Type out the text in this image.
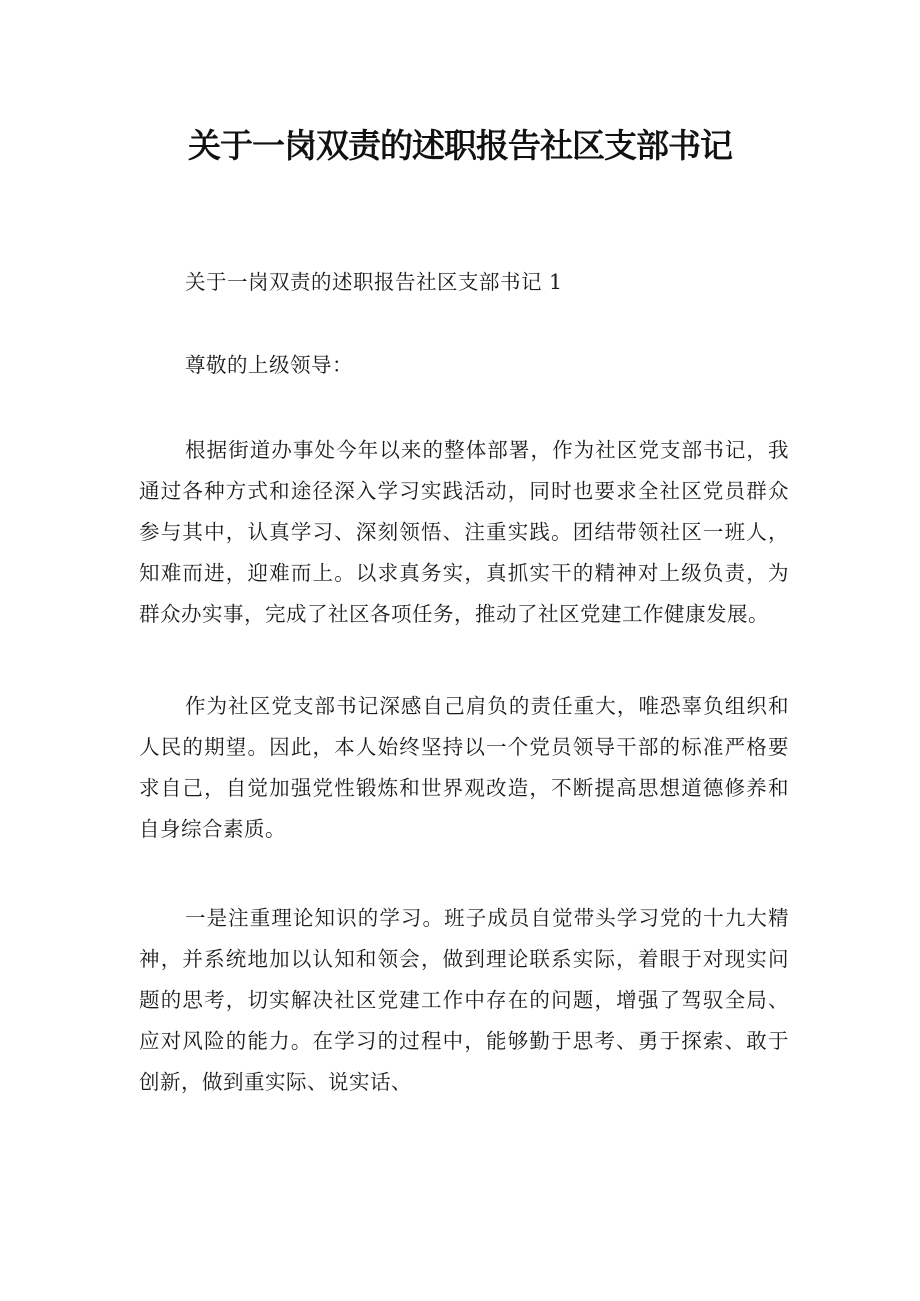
关于一岗双责的述职报告社区支部书记

关于一岗双责的述职报告社区支部书记 1

尊敬的上级领导：

根据街道办事处今年以来的整体部署，作为社区党支部书记，我通过各种方式和途径深入学习实践活动，同时也要求全社区党员群众参与其中，认真学习、深刻领悟、注重实践。团结带领社区一班人，知难而进，迎难而上。以求真务实，真抓实干的精神对上级负责，为群众办实事，完成了社区各项任务，推动了社区党建工作健康发展。

作为社区党支部书记深感自己肩负的责任重大，唯恐辜负组织和人民的期望。因此，本人始终坚持以一个党员领导干部的标准严格要求自己，自觉加强党性锻炼和世界观改造，不断提高思想道德修养和自身综合素质。

一是注重理论知识的学习。班子成员自觉带头学习党的十九大精神，并系统地加以认知和领会，做到理论联系实际，着眼于对现实问题的思考，切实解决社区党建工作中存在的问题，增强了驾驭全局、应对风险的能力。在学习的过程中，能够勤于思考、勇于探索、敢于创新，做到重实际、说实话、
